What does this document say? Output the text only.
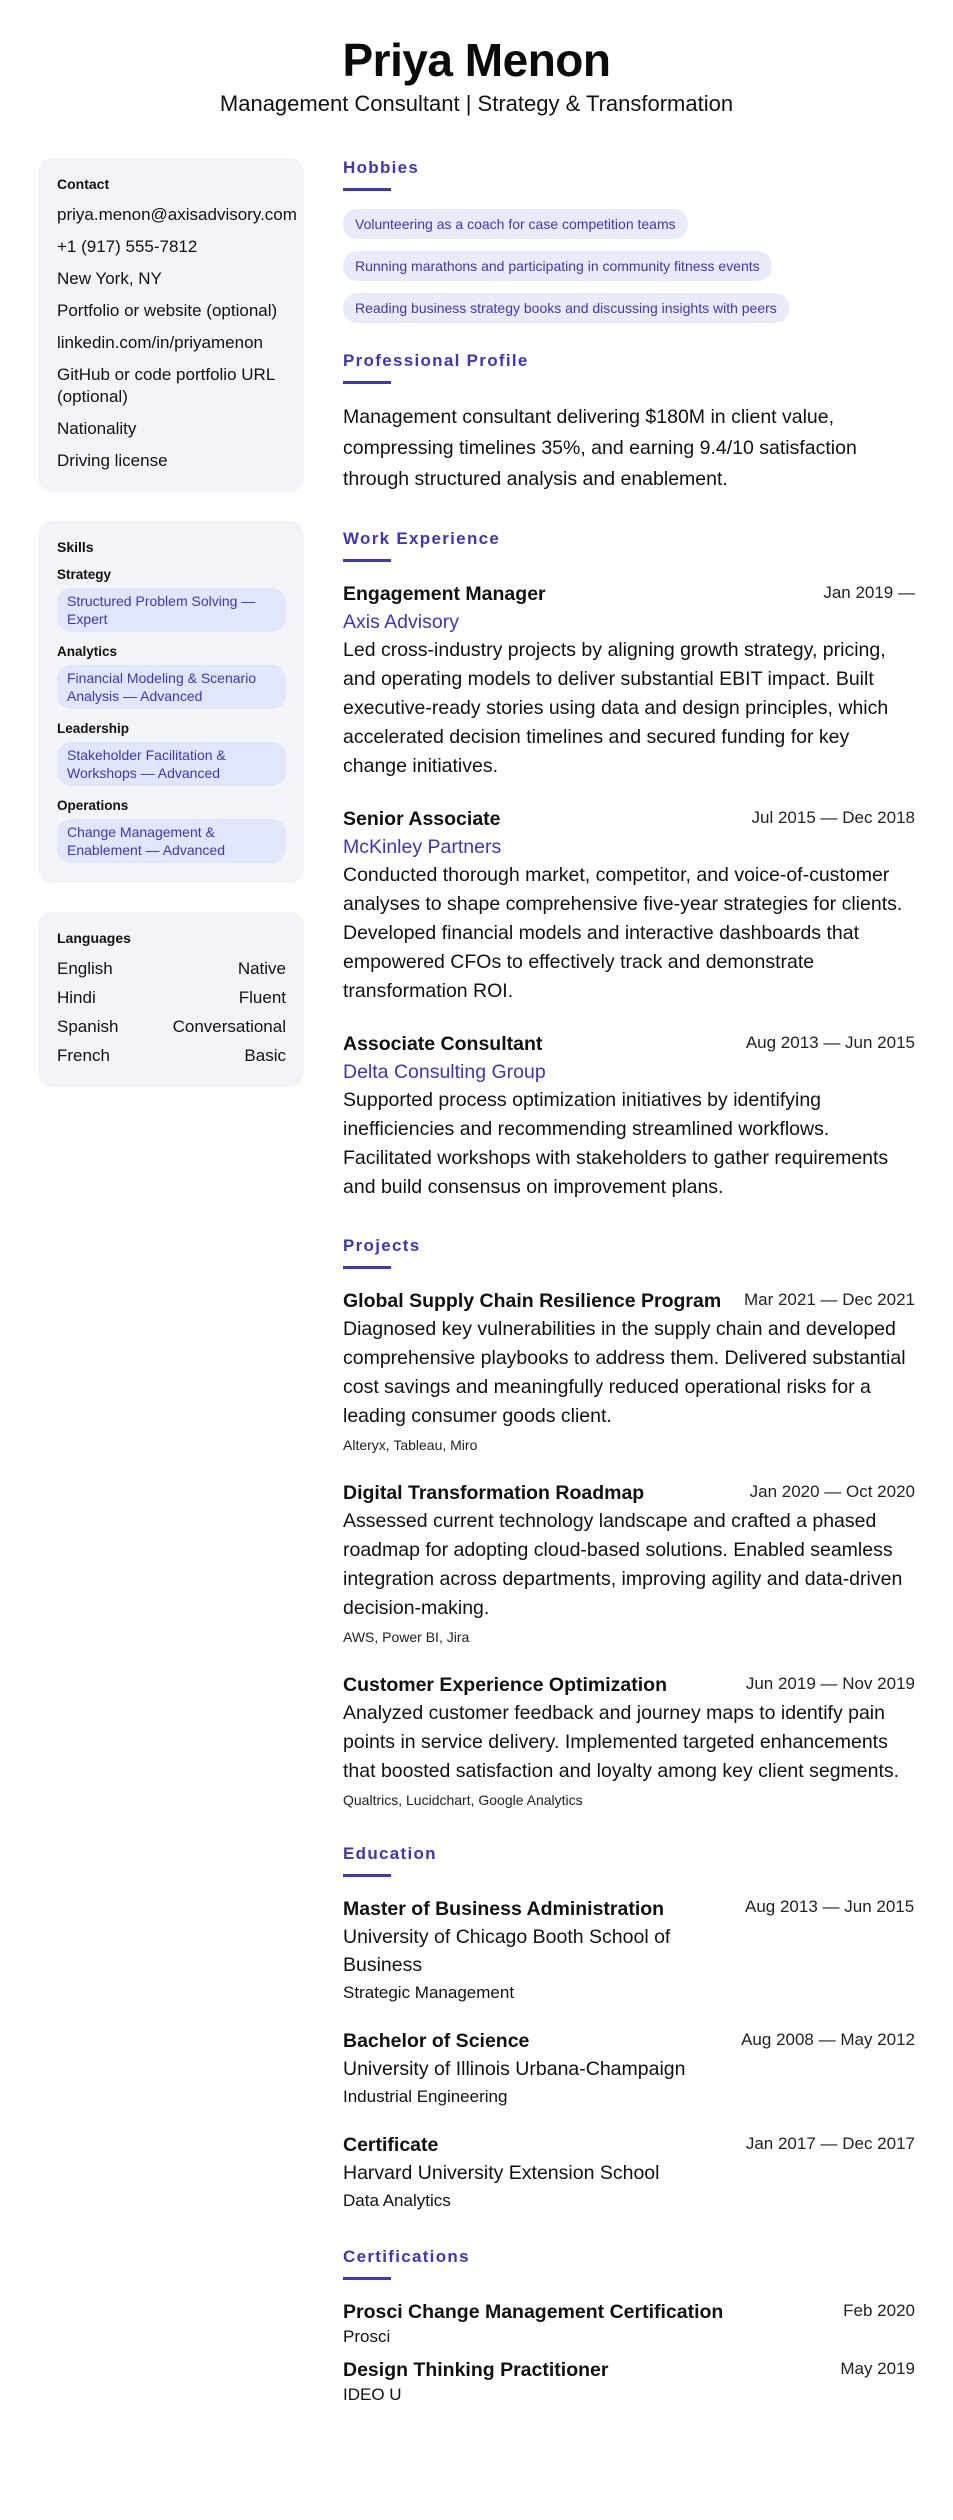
Priya Menon
Management Consultant | Strategy & Transformation
Contact
priya.menon@axisadvisory.com
+1 (917) 555-7812
New York, NY
Portfolio or website (optional)
linkedin.com/in/priyamenon
GitHub or code portfolio URL (optional)
Nationality
Driving license
Skills
Strategy
Structured Problem Solving — Expert
Analytics
Financial Modeling & Scenario Analysis — Advanced
Leadership
Stakeholder Facilitation & Workshops — Advanced
Operations
Change Management & Enablement — Advanced
Languages
English	Native
Hindi	Fluent
Spanish	Conversational
French	Basic
Hobbies
Volunteering as a coach for case competition teams
Running marathons and participating in community fitness events
Reading business strategy books and discussing insights with peers
Professional Profile
Management consultant delivering $180M in client value, compressing timelines 35%, and earning 9.4/10 satisfaction through structured analysis and enablement.
Work Experience
Engagement Manager	Jan 2019 —
Axis Advisory
Led cross-industry projects by aligning growth strategy, pricing, and operating models to deliver substantial EBIT impact. Built executive-ready stories using data and design principles, which accelerated decision timelines and secured funding for key change initiatives.
Senior Associate	Jul 2015 — Dec 2018
McKinley Partners
Conducted thorough market, competitor, and voice-of-customer analyses to shape comprehensive five-year strategies for clients. Developed financial models and interactive dashboards that empowered CFOs to effectively track and demonstrate transformation ROI.
Associate Consultant	Aug 2013 — Jun 2015
Delta Consulting Group
Supported process optimization initiatives by identifying inefficiencies and recommending streamlined workflows. Facilitated workshops with stakeholders to gather requirements and build consensus on improvement plans.
Projects
Global Supply Chain Resilience Program Mar 2021 — Dec 2021
Diagnosed key vulnerabilities in the supply chain and developed comprehensive playbooks to address them. Delivered substantial cost savings and meaningfully reduced operational risks for a leading consumer goods client.
Alteryx, Tableau, Miro
Digital Transformation Roadmap	Jan 2020 — Oct 2020
Assessed current technology landscape and crafted a phased roadmap for adopting cloud-based solutions. Enabled seamless integration across departments, improving agility and data-driven decision-making.
AWS, Power BI, Jira
Customer Experience Optimization	Jun 2019 — Nov 2019
Analyzed customer feedback and journey maps to identify pain points in service delivery. Implemented targeted enhancements that boosted satisfaction and loyalty among key client segments.
Qualtrics, Lucidchart, Google Analytics
Education
Master of Business Administration
University of Chicago Booth School of Business
Strategic Management
Aug 2013 — Jun 2015
Bachelor of Science
University of Illinois Urbana-Champaign
Industrial Engineering
Aug 2008 — May 2012
Certificate
Harvard University Extension School
Data Analytics
Jan 2017 — Dec 2017
Certifications
Prosci Change Management Certification	Feb 2020
Prosci
Design Thinking Practitioner	May 2019
IDEO U
